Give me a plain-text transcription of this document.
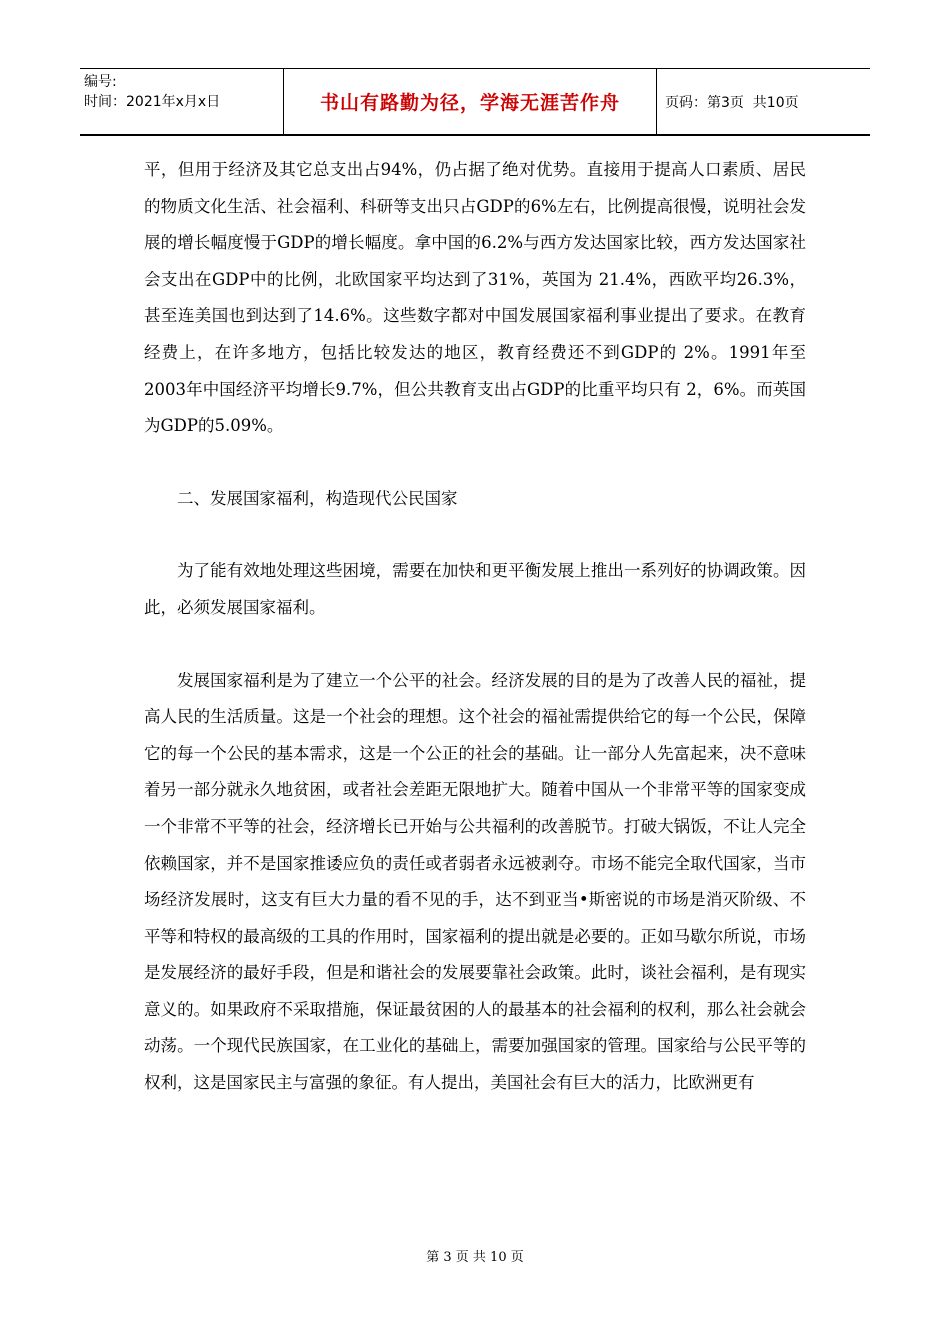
编号:
时间：2021年x月x日	书山有路勤为径，学海无涯苦作舟	页码：第3页  共10页

平，但用于经济及其它总支出占94%，仍占据了绝对优势。直接用于提高人口素质、居民的物质文化生活、社会福利、科研等支出只占GDP的6%左右，比例提高很慢，说明社会发展的增长幅度慢于GDP的增长幅度。拿中国的6.2%与西方发达国家比较，西方发达国家社会支出在GDP中的比例，北欧国家平均达到了31%，英国为 21.4%，西欧平均26.3%，甚至连美国也到达到了14.6%。这些数字都对中国发展国家福利事业提出了要求。在教育经费上，在许多地方，包括比较发达的地区，教育经费还不到GDP的 2%。1991年至2003年中国经济平均增长9.7%，但公共教育支出占GDP的比重平均只有 2，6%。而英国为GDP的5.09%。

二、发展国家福利，构造现代公民国家

为了能有效地处理这些困境，需要在加快和更平衡发展上推出一系列好的协调政策。因此，必须发展国家福利。

发展国家福利是为了建立一个公平的社会。经济发展的目的是为了改善人民的福祉，提高人民的生活质量。这是一个社会的理想。这个社会的福祉需提供给它的每一个公民，保障它的每一个公民的基本需求，这是一个公正的社会的基础。让一部分人先富起来，决不意味着另一部分就永久地贫困，或者社会差距无限地扩大。随着中国从一个非常平等的国家变成一个非常不平等的社会，经济增长已开始与公共福利的改善脱节。打破大锅饭，不让人完全依赖国家，并不是国家推诿应负的责任或者弱者永远被剥夺。市场不能完全取代国家，当市场经济发展时，这支有巨大力量的看不见的手，达不到亚当•斯密说的市场是消灭阶级、不平等和特权的最高级的工具的作用时，国家福利的提出就是必要的。正如马歇尔所说，市场是发展经济的最好手段，但是和谐社会的发展要靠社会政策。此时，谈社会福利，是有现实意义的。如果政府不采取措施，保证最贫困的人的最基本的社会福利的权利，那么社会就会动荡。一个现代民族国家，在工业化的基础上，需要加强国家的管理。国家给与公民平等的权利，这是国家民主与富强的象征。有人提出，美国社会有巨大的活力，比欧洲更有

第 3 页 共 10 页
